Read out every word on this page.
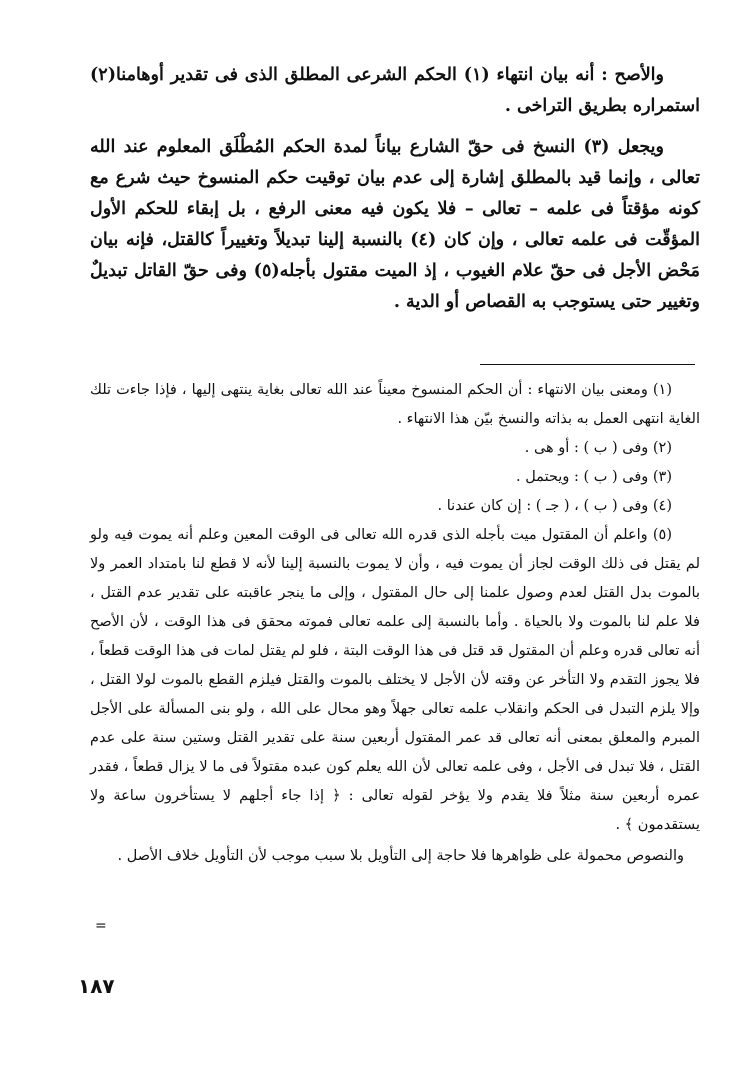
والأصح : أنه بيان انتهاء (١) الحكم الشرعى المطلق الذى فى تقدير أوهامنا(٢) استمراره بطريق التراخى .

ويجعل (٣) النسخ فى حقّ الشارع بياناً لمدة الحكم المُطْلَق المعلوم عند الله تعالى ، وإنما قيد بالمطلق إشارة إلى عدم بيان توقيت حكم المنسوخ حيث شرع مع كونه مؤقتاً فى علمه – تعالى – فلا يكون فيه معنى الرفع ، بل إبقاء للحكم الأول المؤقّت فى علمه تعالى ، وإن كان (٤) بالنسبة إلينا تبديلاً وتغييراً كالقتل، فإنه بيان مَحْض الأجل فى حقّ علام الغيوب ، إذ الميت مقتول بأجله(٥) وفى حقّ القاتل تبديلٌ وتغيير حتى يستوجب به القصاص أو الدية .

(١) ومعنى بيان الانتهاء : أن الحكم المنسوخ معيناً عند الله تعالى بغاية ينتهى إليها ، فإذا جاءت تلك الغاية انتهى العمل به بذاته والنسخ بيّن هذا الانتهاء .

(٢) وفى ( ب ) : أو هى .

(٣) وفى ( ب ) : ويحتمل .

(٤) وفى ( ب ) ، ( جـ ) : إن كان عندنا .

(٥) واعلم أن المقتول ميت بأجله الذى قدره الله تعالى فى الوقت المعين وعلم أنه يموت فيه ولو لم يقتل فى ذلك الوقت لجاز أن يموت فيه ، وأن لا يموت بالنسبة إلينا لأنه لا قطع لنا بامتداد العمر ولا بالموت بدل القتل لعدم وصول علمنا إلى حال المقتول ، وإلى ما ينجر عاقبته على تقدير عدم القتل ، فلا علم لنا بالموت ولا بالحياة . وأما بالنسبة إلى علمه تعالى فموته محقق فى هذا الوقت ، لأن الأصح أنه تعالى قدره وعلم أن المقتول قد قتل فى هذا الوقت البتة ، فلو لم يقتل لمات فى هذا الوقت قطعاً ، فلا يجوز التقدم ولا التأخر عن وقته لأن الأجل لا يختلف بالموت والقتل فيلزم القطع بالموت لولا القتل ، وإلا يلزم التبدل فى الحكم وانقلاب علمه تعالى جهلاً وهو محال على الله ، ولو بنى المسألة على الأجل المبرم والمعلق بمعنى أنه تعالى قد عمر المقتول أربعين سنة على تقدير القتل وستين سنة على عدم القتل ، فلا تبدل فى الأجل ، وفى علمه تعالى لأن الله يعلم كون عبده مقتولاً فى ما لا يزال قطعاً ، فقدر عمره أربعين سنة مثلاً فلا يقدم ولا يؤخر لقوله تعالى : ﴿ إذا جاء أجلهم لا يستأخرون ساعة ولا يستقدمون ﴾ .

والنصوص محمولة على ظواهرها فلا حاجة إلى التأويل بلا سبب موجب لأن التأويل خلاف الأصل .

=
١٨٧
